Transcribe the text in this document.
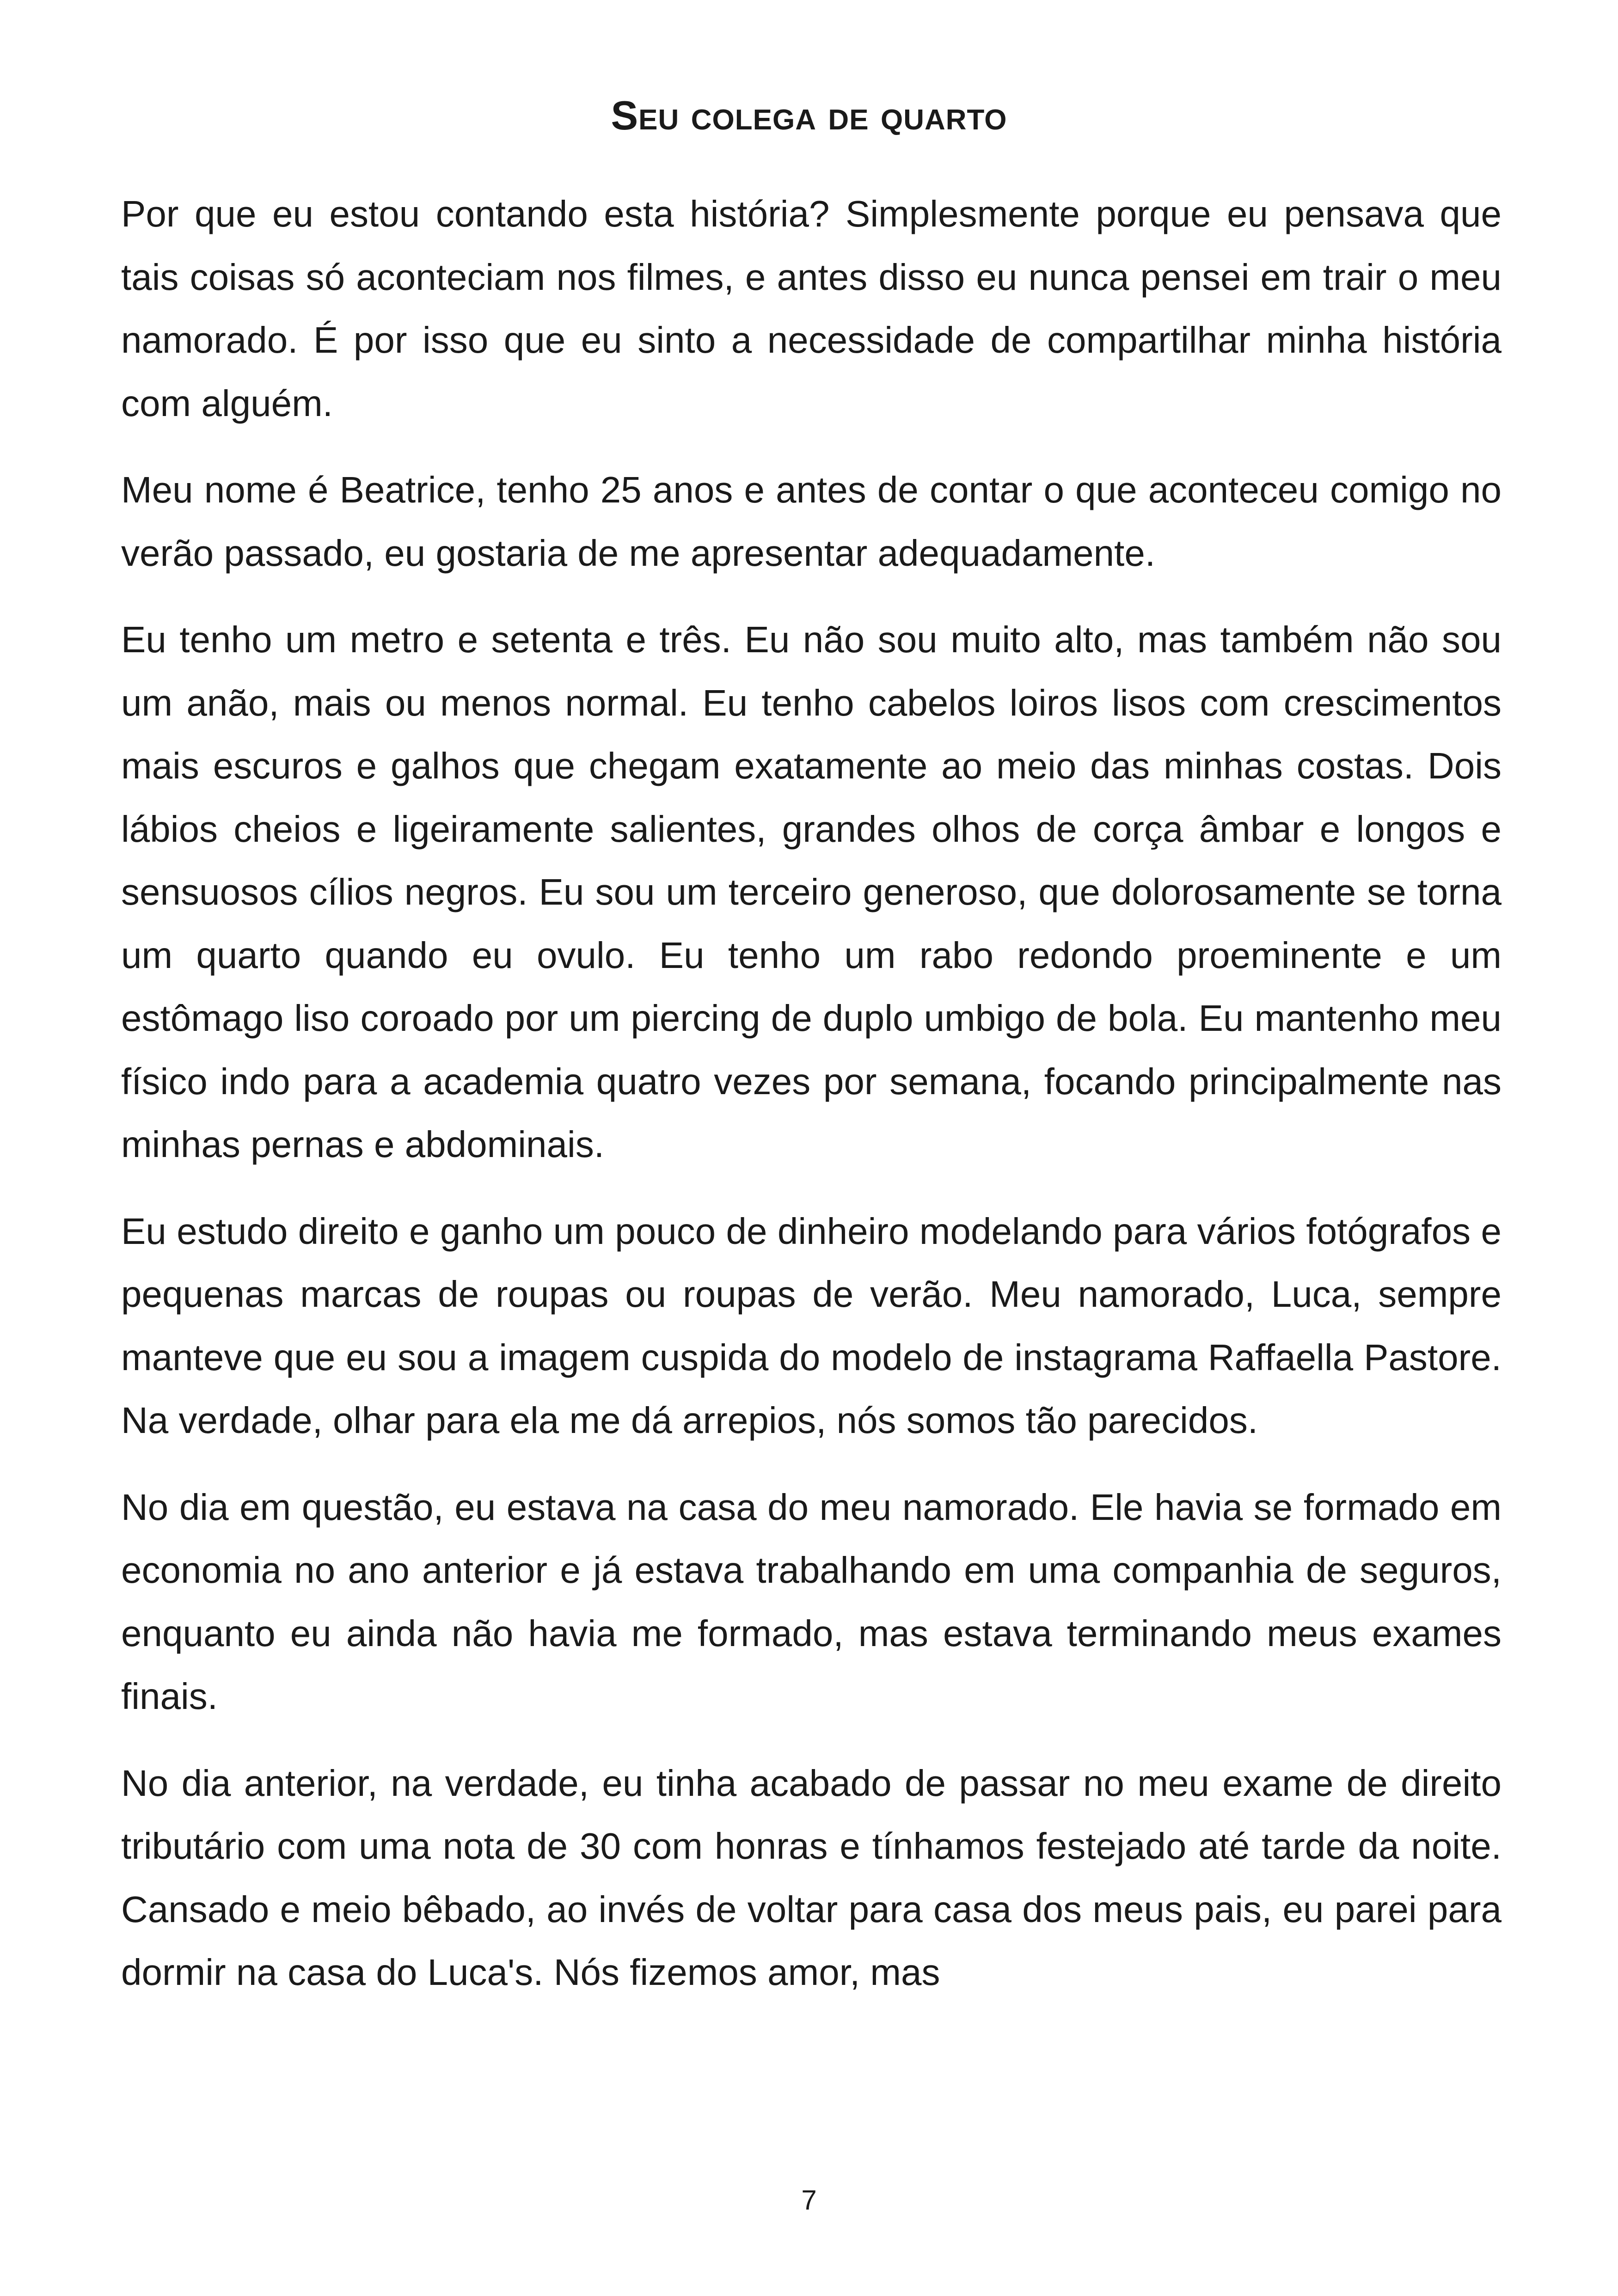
Seu colega de quarto

Por que eu estou contando esta história? Simplesmente porque eu pensava que tais coisas só aconteciam nos filmes, e antes disso eu nunca pensei em trair o meu namorado. É por isso que eu sinto a necessidade de compartilhar minha história com alguém.

Meu nome é Beatrice, tenho 25 anos e antes de contar o que aconteceu comigo no verão passado, eu gostaria de me apresentar adequadamente.

Eu tenho um metro e setenta e três. Eu não sou muito alto, mas também não sou um anão, mais ou menos normal. Eu tenho cabelos loiros lisos com crescimentos mais escuros e galhos que chegam exatamente ao meio das minhas costas. Dois lábios cheios e ligeiramente salientes, grandes olhos de corça âmbar e longos e sensuosos cílios negros. Eu sou um terceiro generoso, que dolorosamente se torna um quarto quando eu ovulo. Eu tenho um rabo redondo proeminente e um estômago liso coroado por um piercing de duplo umbigo de bola. Eu mantenho meu físico indo para a academia quatro vezes por semana, focando principalmente nas minhas pernas e abdominais.

Eu estudo direito e ganho um pouco de dinheiro modelando para vários fotógrafos e pequenas marcas de roupas ou roupas de verão. Meu namorado, Luca, sempre manteve que eu sou a imagem cuspida do modelo de instagrama Raffaella Pastore. Na verdade, olhar para ela me dá arrepios, nós somos tão parecidos.

No dia em questão, eu estava na casa do meu namorado. Ele havia se formado em economia no ano anterior e já estava trabalhando em uma companhia de seguros, enquanto eu ainda não havia me formado, mas estava terminando meus exames finais.

No dia anterior, na verdade, eu tinha acabado de passar no meu exame de direito tributário com uma nota de 30 com honras e tínhamos festejado até tarde da noite. Cansado e meio bêbado, ao invés de voltar para casa dos meus pais, eu parei para dormir na casa do Luca's. Nós fizemos amor, mas

7
